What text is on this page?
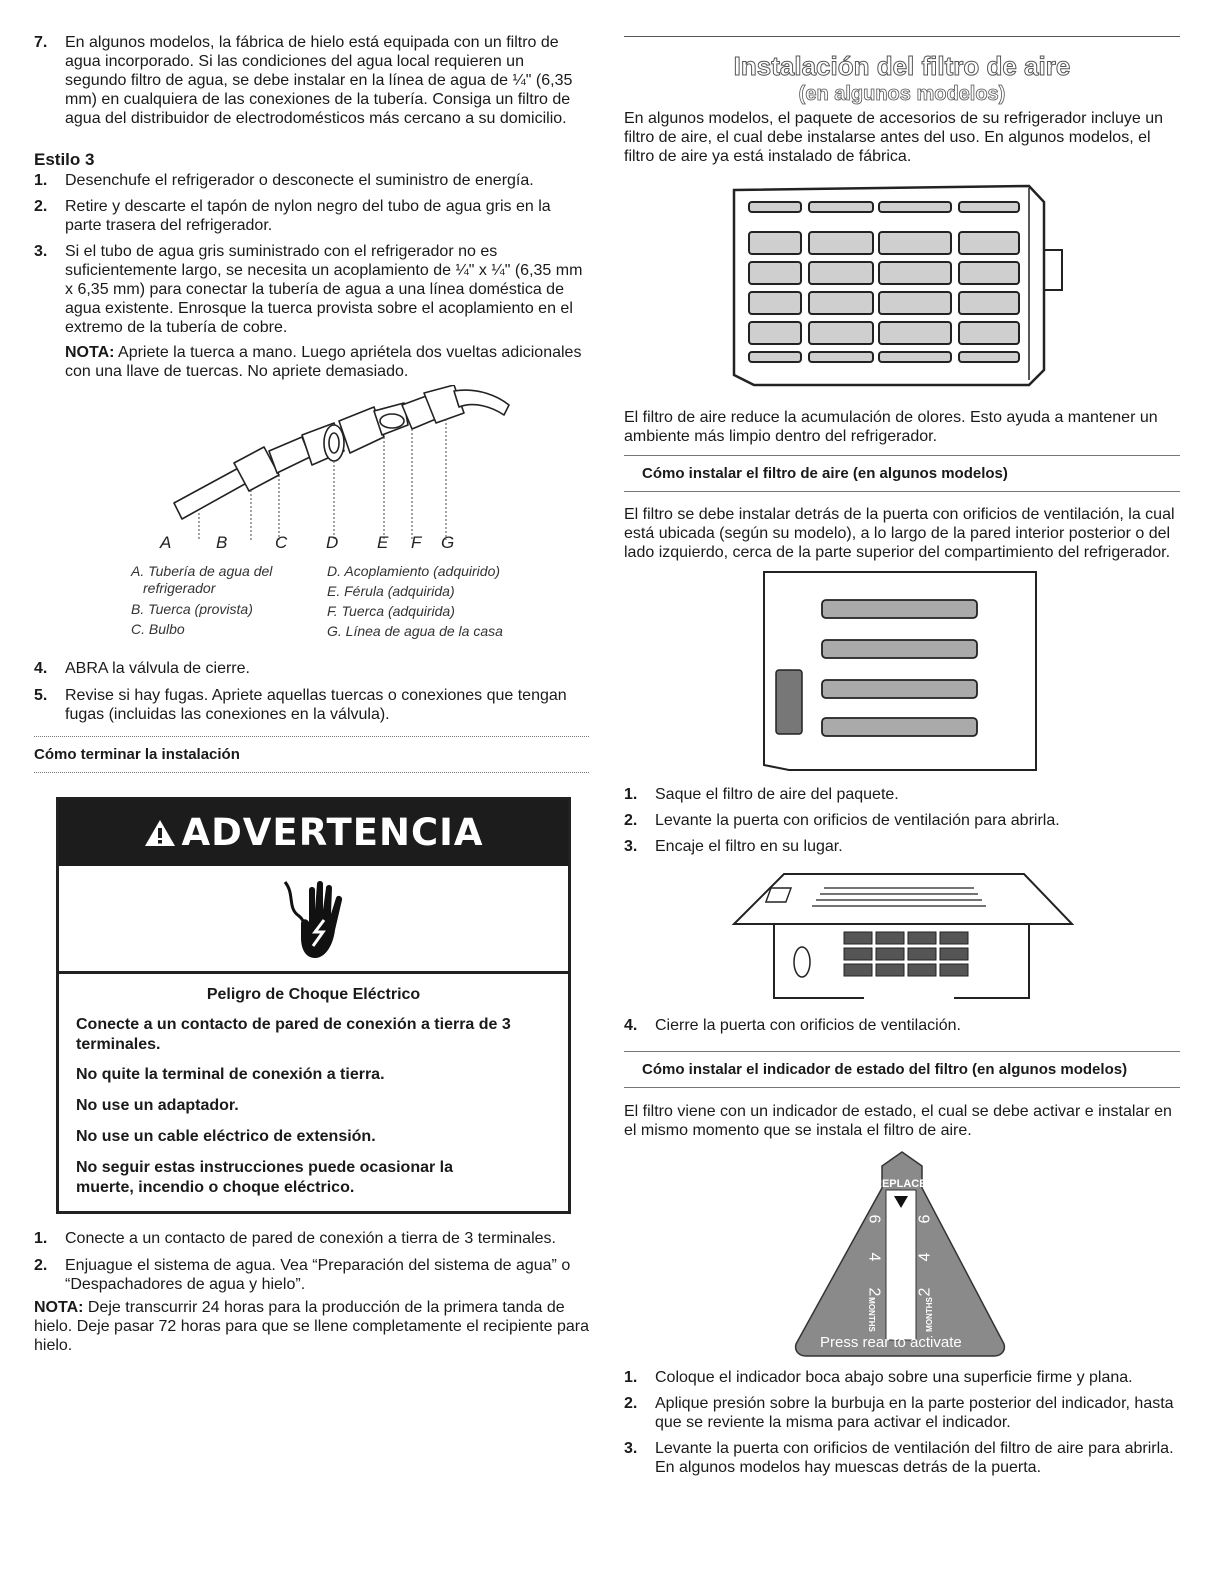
7. En algunos modelos, la fábrica de hielo está equipada con un filtro de agua incorporado. Si las condiciones del agua local requieren un segundo filtro de agua, se debe instalar en la línea de agua de ¼" (6,35 mm) en cualquiera de las conexiones de la tubería. Consiga un filtro de agua del distribuidor de electrodomésticos más cercano a su domicilio.

Estilo 3

1. Desenchufe el refrigerador o desconecte el suministro de energía.

2. Retire y descarte el tapón de nylon negro del tubo de agua gris en la parte trasera del refrigerador.

3. Si el tubo de agua gris suministrado con el refrigerador no es suficientemente largo, se necesita un acoplamiento de ¼" x ¼" (6,35 mm x 6,35 mm) para conectar la tubería de agua a una línea doméstica de agua existente. Enrosque la tuerca provista sobre el acoplamiento en el extremo de la tubería de cobre.

NOTA: Apriete la tuerca a mano. Luego apriétela dos vueltas adicionales con una llave de tuercas. No apriete demasiado.

A	B	C D E F G
A. Tubería de agua del
refrigerador
B. Tuerca (provista)
C. Bulbo
D. Acoplamiento (adquirido)
E. Férula (adquirida)
F. Tuerca (adquirida)
G. Línea de agua de la casa
4. ABRA la válvula de cierre.

5. Revise si hay fugas. Apriete aquellas tuercas o conexiones que tengan fugas (incluidas las conexiones en la válvula).

Cómo terminar la instalación

ADVERTENCIA

Peligro de Choque Eléctrico

Conecte a un contacto de pared de conexión a tierra de 3 terminales.

No quite la terminal de conexión a tierra.

No use un adaptador.

No use un cable eléctrico de extensión.

No seguir estas instrucciones puede ocasionar la muerte, incendio o choque eléctrico.

1. Conecte a un contacto de pared de conexión a tierra de 3 terminales.

2. Enjuague el sistema de agua. Vea “Preparación del sistema de agua” o “Despachadores de agua y hielo”.

NOTA: Deje transcurrir 24 horas para la producción de la primera tanda de hielo. Deje pasar 72 horas para que se llene completamente el recipiente para hielo.

Instalación del filtro de aire

(en algunos modelos)

En algunos modelos, el paquete de accesorios de su refrigerador incluye un filtro de aire, el cual debe instalarse antes del uso. En algunos modelos, el filtro de aire ya está instalado de fábrica.

El filtro de aire reduce la acumulación de olores. Esto ayuda a mantener un ambiente más limpio dentro del refrigerador.

Cómo instalar el filtro de aire (en algunos modelos)

El filtro se debe instalar detrás de la puerta con orificios de ventilación, la cual está ubicada (según su modelo), a lo largo de la pared interior posterior o del lado izquierdo, cerca de la parte superior del compartimiento del refrigerador.

1. Saque el filtro de aire del paquete.

2. Levante la puerta con orificios de ventilación para abrirla.

3. Encaje el filtro en su lugar.

4. Cierre la puerta con orificios de ventilación.

Cómo instalar el indicador de estado del filtro (en algunos modelos)

El filtro viene con un indicador de estado, el cual se debe activar e instalar en el mismo momento que se instala el filtro de aire.

REPLACE
6 6
4 4
2 2
MONTHS	MONTHS
Press rear to activate
1. Coloque el indicador boca abajo sobre una superficie firme y plana.

2. Aplique presión sobre la burbuja en la parte posterior del indicador, hasta que se reviente la misma para activar el indicador.

3. Levante la puerta con orificios de ventilación del filtro de aire para abrirla. En algunos modelos hay muescas detrás de la puerta.
